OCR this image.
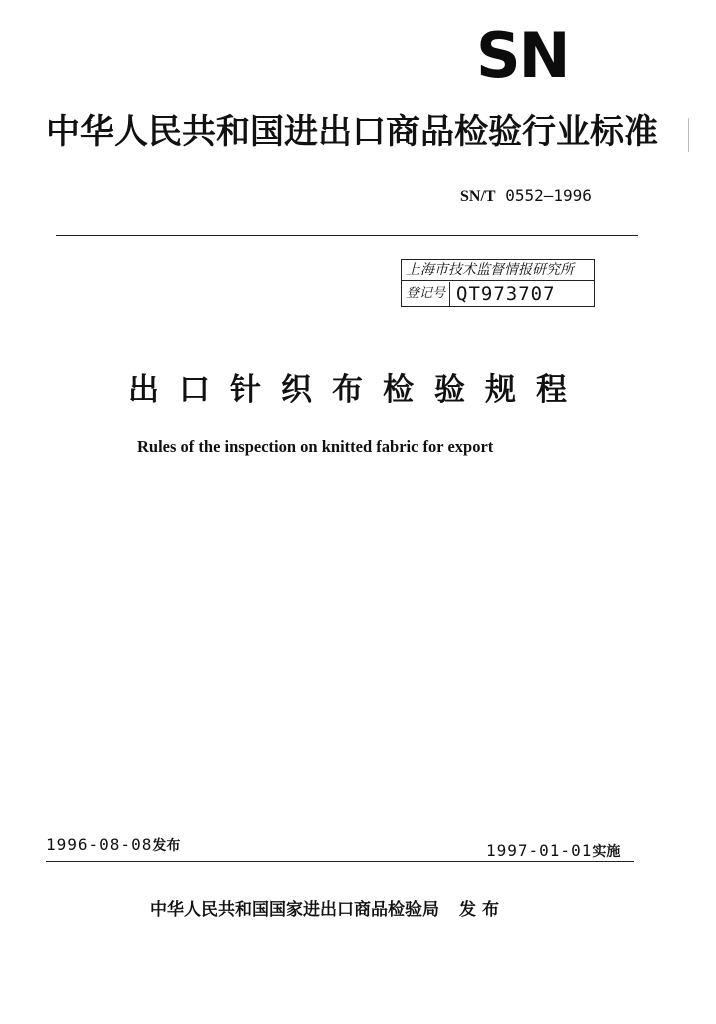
SN
中华人民共和国进出口商品检验行业标准
SN/T 0552—1996
上海市技术监督情报研究所
登记号 QT973707
出口针织布检验规程
Rules of the inspection on knitted fabric for export
1996-08-08发布	1997-01-01实施
中华人民共和国国家进出口商品检验局 发布
